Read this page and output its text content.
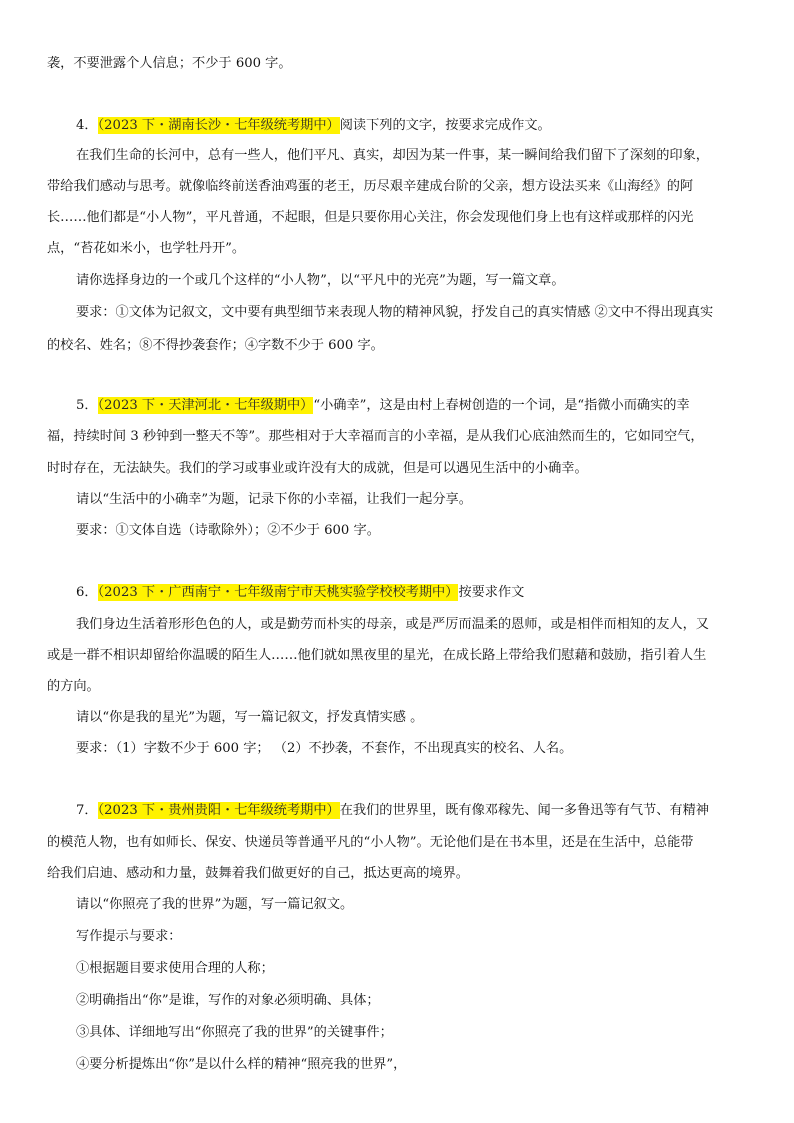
袭，不要泄露个人信息；不少于 600 字。
4．（2023 下・湖南长沙・七年级统考期中）阅读下列的文字，按要求完成作文。
在我们生命的长河中，总有一些人，他们平凡、真实，却因为某一件事，某一瞬间给我们留下了深刻的印象，
带给我们感动与思考。就像临终前送香油鸡蛋的老王，历尽艰辛建成台阶的父亲，想方设法买来《山海经》的阿
长……他们都是“小人物”，平凡普通，不起眼，但是只要你用心关注，你会发现他们身上也有这样或那样的闪光
点，“苔花如米小，也学牡丹开”。
请你选择身边的一个或几个这样的“小人物”，以“平凡中的光亮”为题，写一篇文章。
要求：①文体为记叙文，文中要有典型细节来表现人物的精神风貌，抒发自己的真实情感 ②文中不得出现真实
的校名、姓名；⑧不得抄袭套作；④字数不少于 600 字。
5．（2023 下・天津河北・七年级期中）“小确幸”，这是由村上春树创造的一个词，是“指微小而确实的幸
福，持续时间 3 秒钟到一整天不等”。那些相对于大幸福而言的小幸福，是从我们心底油然而生的，它如同空气，
时时存在，无法缺失。我们的学习或事业或许没有大的成就，但是可以遇见生活中的小确幸。
请以“生活中的小确幸”为题，记录下你的小幸福，让我们一起分享。
要求：①文体自选（诗歌除外）；②不少于 600 字。
6．（2023 下・广西南宁・七年级南宁市天桃实验学校校考期中）按要求作文
我们身边生活着形形色色的人，或是勤劳而朴实的母亲，或是严厉而温柔的恩师，或是相伴而相知的友人，又
或是一群不相识却留给你温暖的陌生人……他们就如黑夜里的星光，在成长路上带给我们慰藉和鼓励，指引着人生
的方向。
请以“你是我的星光”为题，写一篇记叙文，抒发真情实感 。
要求：（1）字数不少于 600 字； （2）不抄袭，不套作，不出现真实的校名、人名。
7．（2023 下・贵州贵阳・七年级统考期中）在我们的世界里，既有像邓稼先、闻一多鲁迅等有气节、有精神
的模范人物，也有如师长、保安、快递员等普通平凡的“小人物”。无论他们是在书本里，还是在生活中，总能带
给我们启迪、感动和力量，鼓舞着我们做更好的自己，抵达更高的境界。
请以“你照亮了我的世界”为题，写一篇记叙文。
写作提示与要求：
①根据题目要求使用合理的人称；
②明确指出“你”是谁，写作的对象必须明确、具体；
③具体、详细地写出“你照亮了我的世界”的关键事件；
④要分析提炼出“你”是以什么样的精神“照亮我的世界”，
